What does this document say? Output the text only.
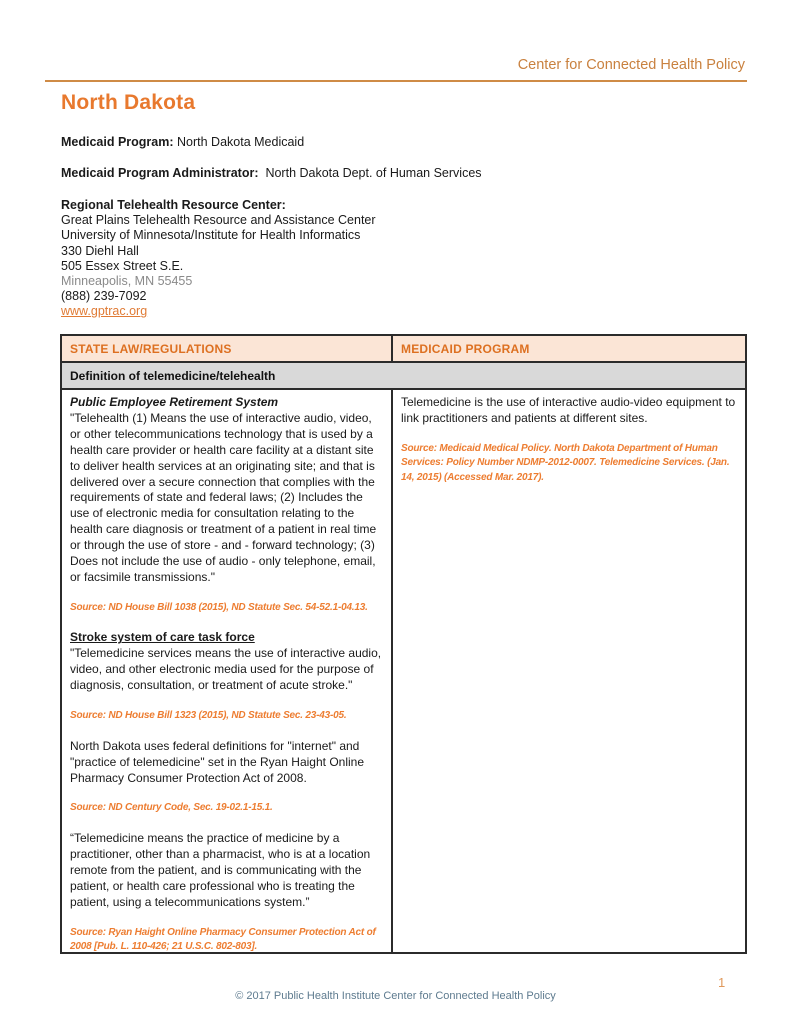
Center for Connected Health Policy
North Dakota

Medicaid Program: North Dakota Medicaid

Medicaid Program Administrator: North Dakota Dept. of Human Services

Regional Telehealth Resource Center:
Great Plains Telehealth Resource and Assistance Center
University of Minnesota/Institute for Health Informatics
330 Diehl Hall
505 Essex Street S.E.
Minneapolis, MN 55455
(888) 239-7092
www.gptrac.org
STATE LAW/REGULATIONS	MEDICAID PROGRAM
Definition of telemedicine/telehealth
Public Employee Retirement System
"Telehealth (1) Means the use of interactive audio, video, or other telecommunications technology that is used by a health care provider or health care facility at a distant site to deliver health services at an originating site; and that is delivered over a secure connection that complies with the requirements of state and federal laws; (2) Includes the use of electronic media for consultation relating to the health care diagnosis or treatment of a patient in real time or through the use of store - and - forward technology; (3) Does not include the use of audio - only telephone, email, or facsimile transmissions."
Source: ND House Bill 1038 (2015), ND Statute Sec. 54-52.1-04.13.
Stroke system of care task force
"Telemedicine services means the use of interactive audio, video, and other electronic media used for the purpose of diagnosis, consultation, or treatment of acute stroke."
Source: ND House Bill 1323 (2015), ND Statute Sec. 23-43-05.
North Dakota uses federal definitions for "internet" and "practice of telemedicine" set in the Ryan Haight Online Pharmacy Consumer Protection Act of 2008.
Source: ND Century Code, Sec. 19-02.1-15.1.
“Telemedicine means the practice of medicine by a practitioner, other than a pharmacist, who is at a location remote from the patient, and is communicating with the patient, or health care professional who is treating the patient, using a telecommunications system.”
Source: Ryan Haight Online Pharmacy Consumer Protection Act of 2008 [Pub. L. 110-426; 21 U.S.C. 802-803].
Telemedicine is the use of interactive audio-video equipment to link practitioners and patients at different sites.
Source: Medicaid Medical Policy. North Dakota Department of Human Services: Policy Number NDMP-2012-0007. Telemedicine Services. (Jan. 14, 2015) (Accessed Mar. 2017).
1
© 2017 Public Health Institute Center for Connected Health Policy
